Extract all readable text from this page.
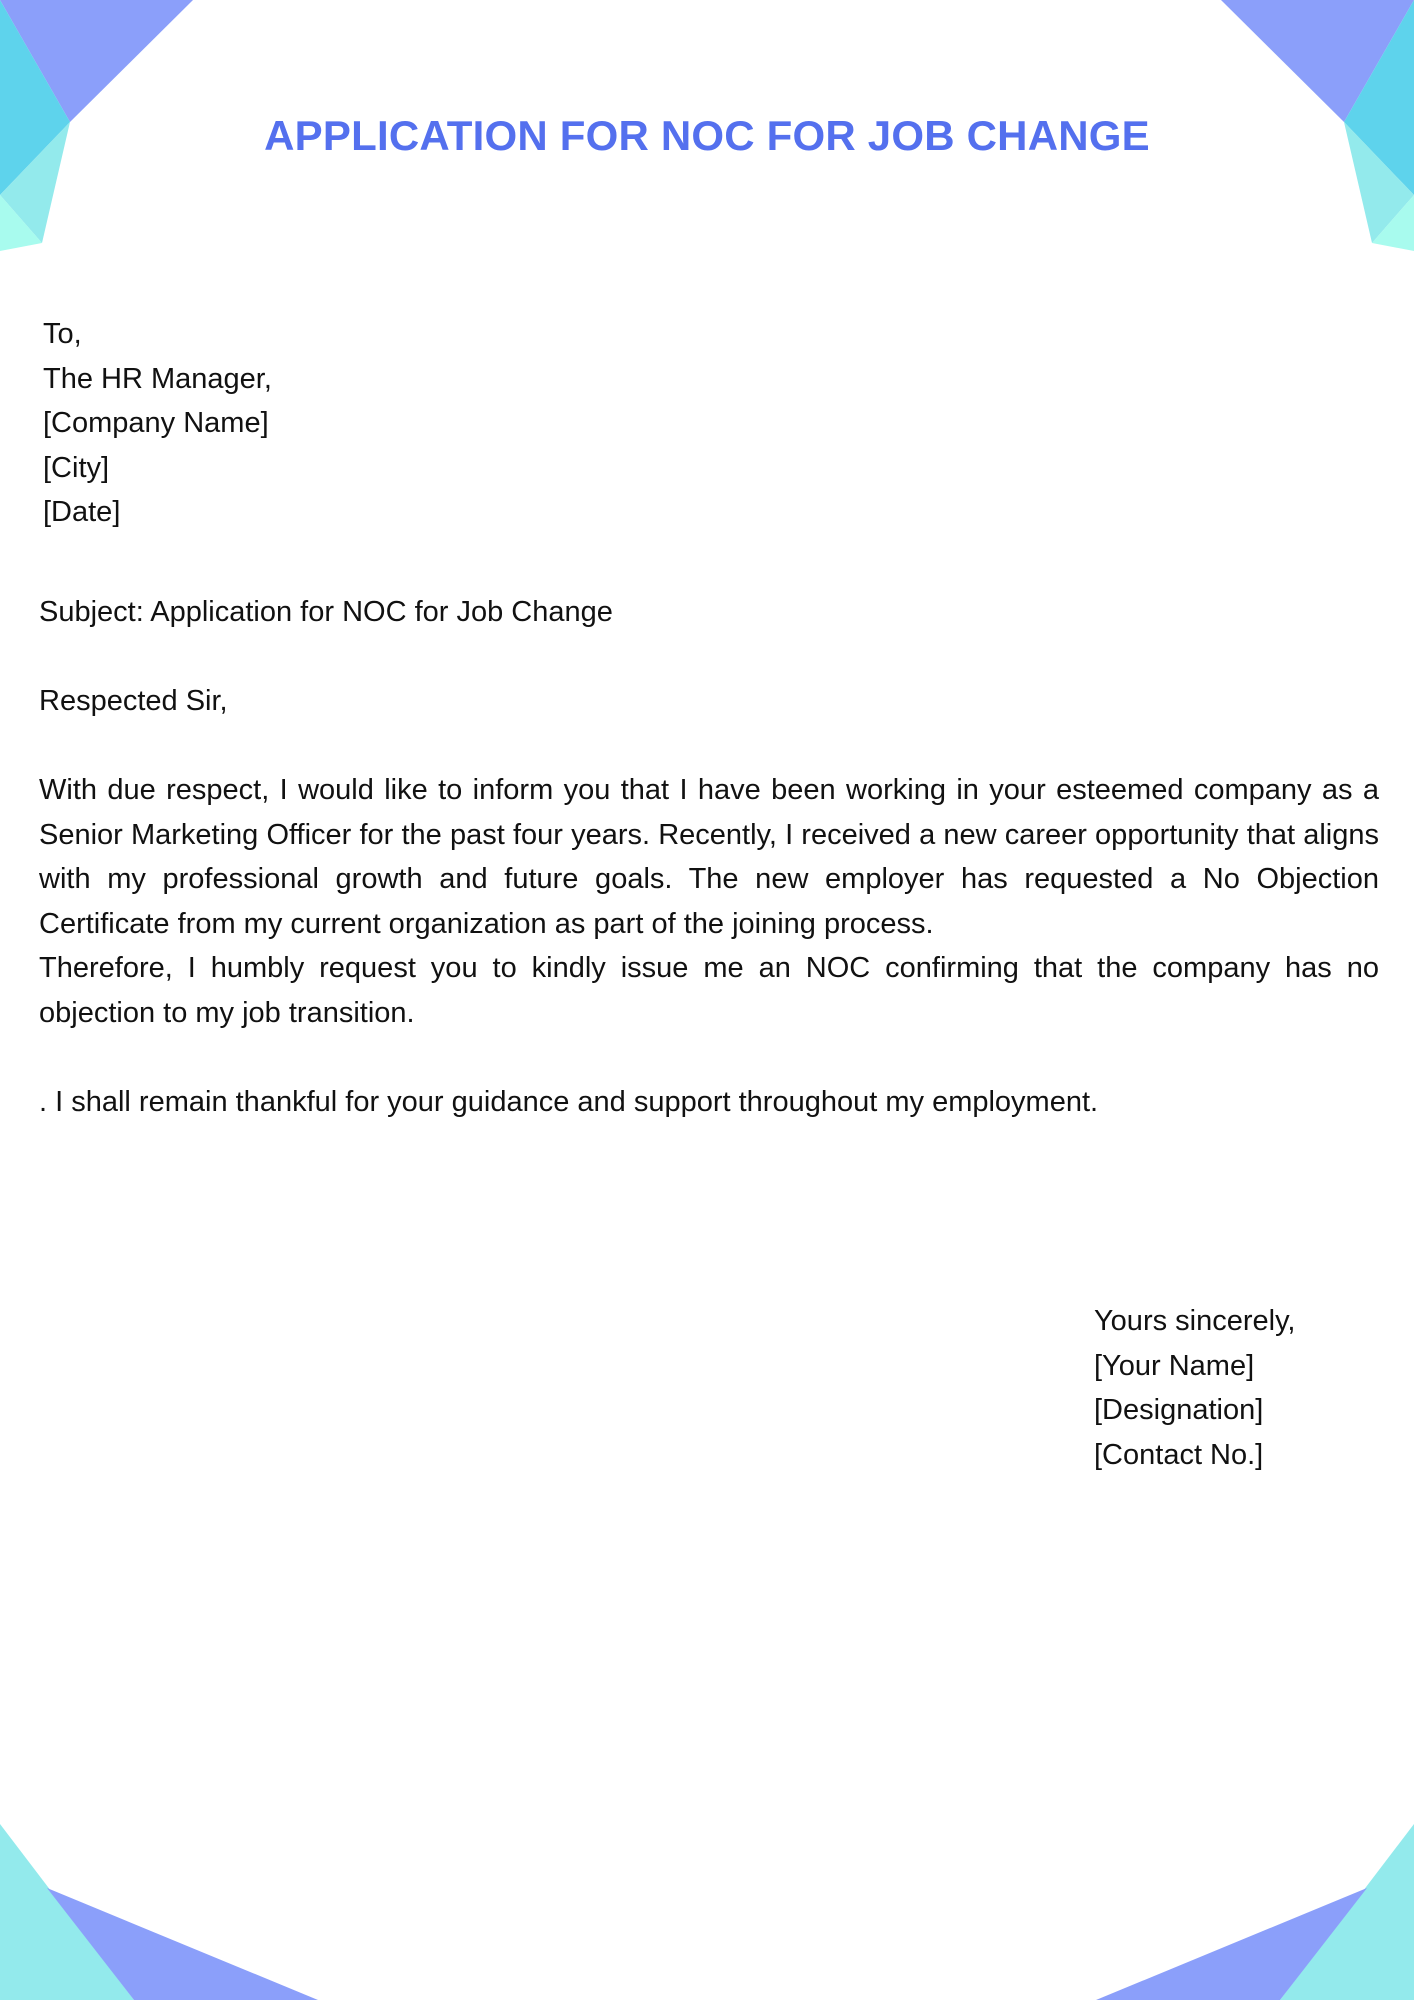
APPLICATION FOR NOC FOR JOB CHANGE
To,
The HR Manager,
[Company Name]
[City]
[Date]
Subject: Application for NOC for Job Change
Respected Sir,

With due respect, I would like to inform you that I have been working in your esteemed company as a Senior Marketing Officer for the past four years. Recently, I received a new career opportunity that aligns with my professional growth and future goals. The new employer has requested a No Objection Certificate from my current organization as part of the joining process.

Therefore, I humbly request you to kindly issue me an NOC confirming that the company has no objection to my job transition.

. I shall remain thankful for your guidance and support throughout my employment.
Yours sincerely,
[Your Name]
[Designation]
[Contact No.]
